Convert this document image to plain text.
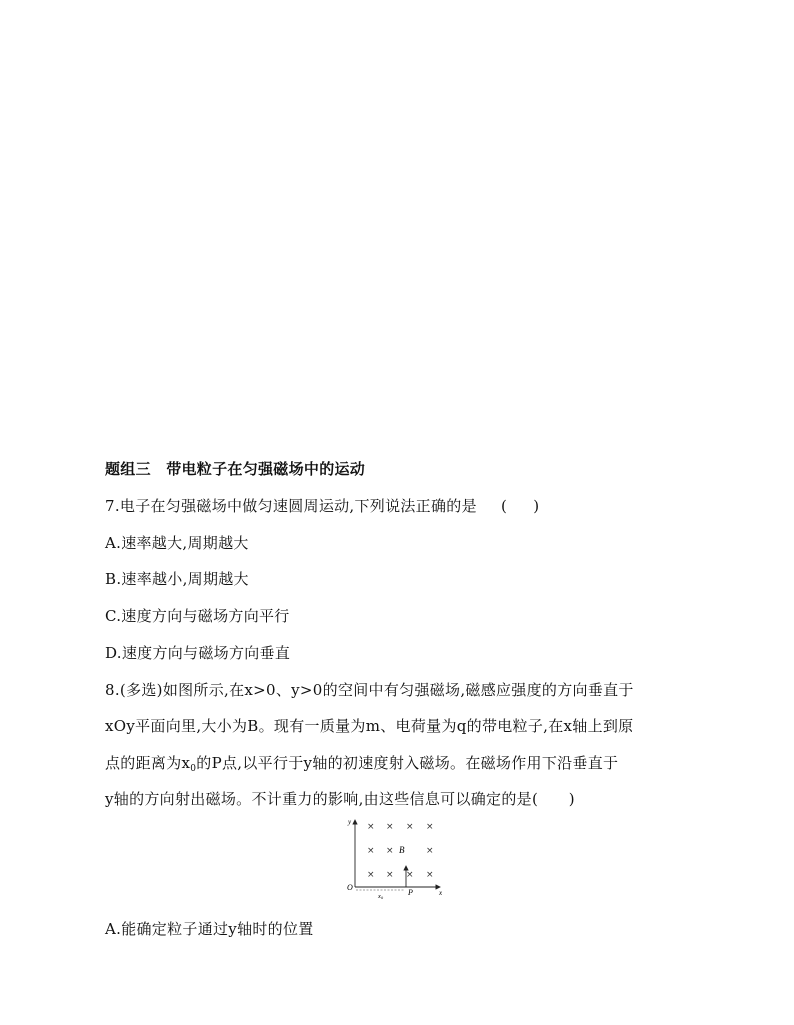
题组三　带电粒子在匀强磁场中的运动
7.电子在匀强磁场中做匀速圆周运动,下列说法正确的是 ( )
A.速率越大,周期越大
B.速率越小,周期越大
C.速度方向与磁场方向平行
D.速度方向与磁场方向垂直
8.(多选)如图所示,在x>0、y>0的空间中有匀强磁场,磁感应强度的方向垂直于
xOy平面向里,大小为B。现有一质量为m、电荷量为q的带电粒子,在x轴上到原
点的距离为$x_0$的P点,以平行于y轴的初速度射入磁场。在磁场作用下沿垂直于
y轴的方向射出磁场。不计重力的影响,由这些信息可以确定的是(　　)
y
x
O
× × × ×
× ×	×
× ×	×
B
×
P
$x_0$
A.能确定粒子通过y轴时的位置
